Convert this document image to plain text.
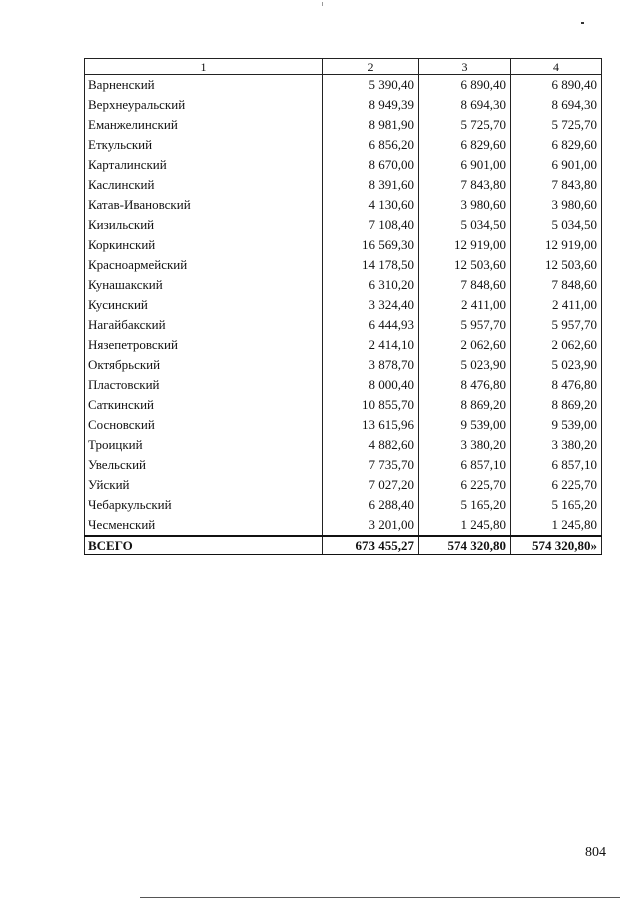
1	2	3	4
Варненский	5 390,40	6 890,40	6 890,40
Верхнеуральский	8 949,39	8 694,30	8 694,30
Еманжелинский	8 981,90	5 725,70	5 725,70
Еткульский	6 856,20	6 829,60	6 829,60
Карталинский	8 670,00	6 901,00	6 901,00
Каслинский	8 391,60	7 843,80	7 843,80
Катав-Ивановский	4 130,60	3 980,60	3 980,60
Кизильский	7 108,40	5 034,50	5 034,50
Коркинский	16 569,30	12 919,00	12 919,00
Красноармейский	14 178,50	12 503,60	12 503,60
Кунашакский	6 310,20	7 848,60	7 848,60
Кусинский	3 324,40	2 411,00	2 411,00
Нагайбакский	6 444,93	5 957,70	5 957,70
Нязепетровский	2 414,10	2 062,60	2 062,60
Октябрьский	3 878,70	5 023,90	5 023,90
Пластовский	8 000,40	8 476,80	8 476,80
Саткинский	10 855,70	8 869,20	8 869,20
Сосновский	13 615,96	9 539,00	9 539,00
Троицкий	4 882,60	3 380,20	3 380,20
Увельский	7 735,70	6 857,10	6 857,10
Уйский	7 027,20	6 225,70	6 225,70
Чебаркульский	6 288,40	5 165,20	5 165,20
Чесменский	3 201,00	1 245,80	1 245,80
ВСЕГО	673 455,27	574 320,80	574 320,80»
804
